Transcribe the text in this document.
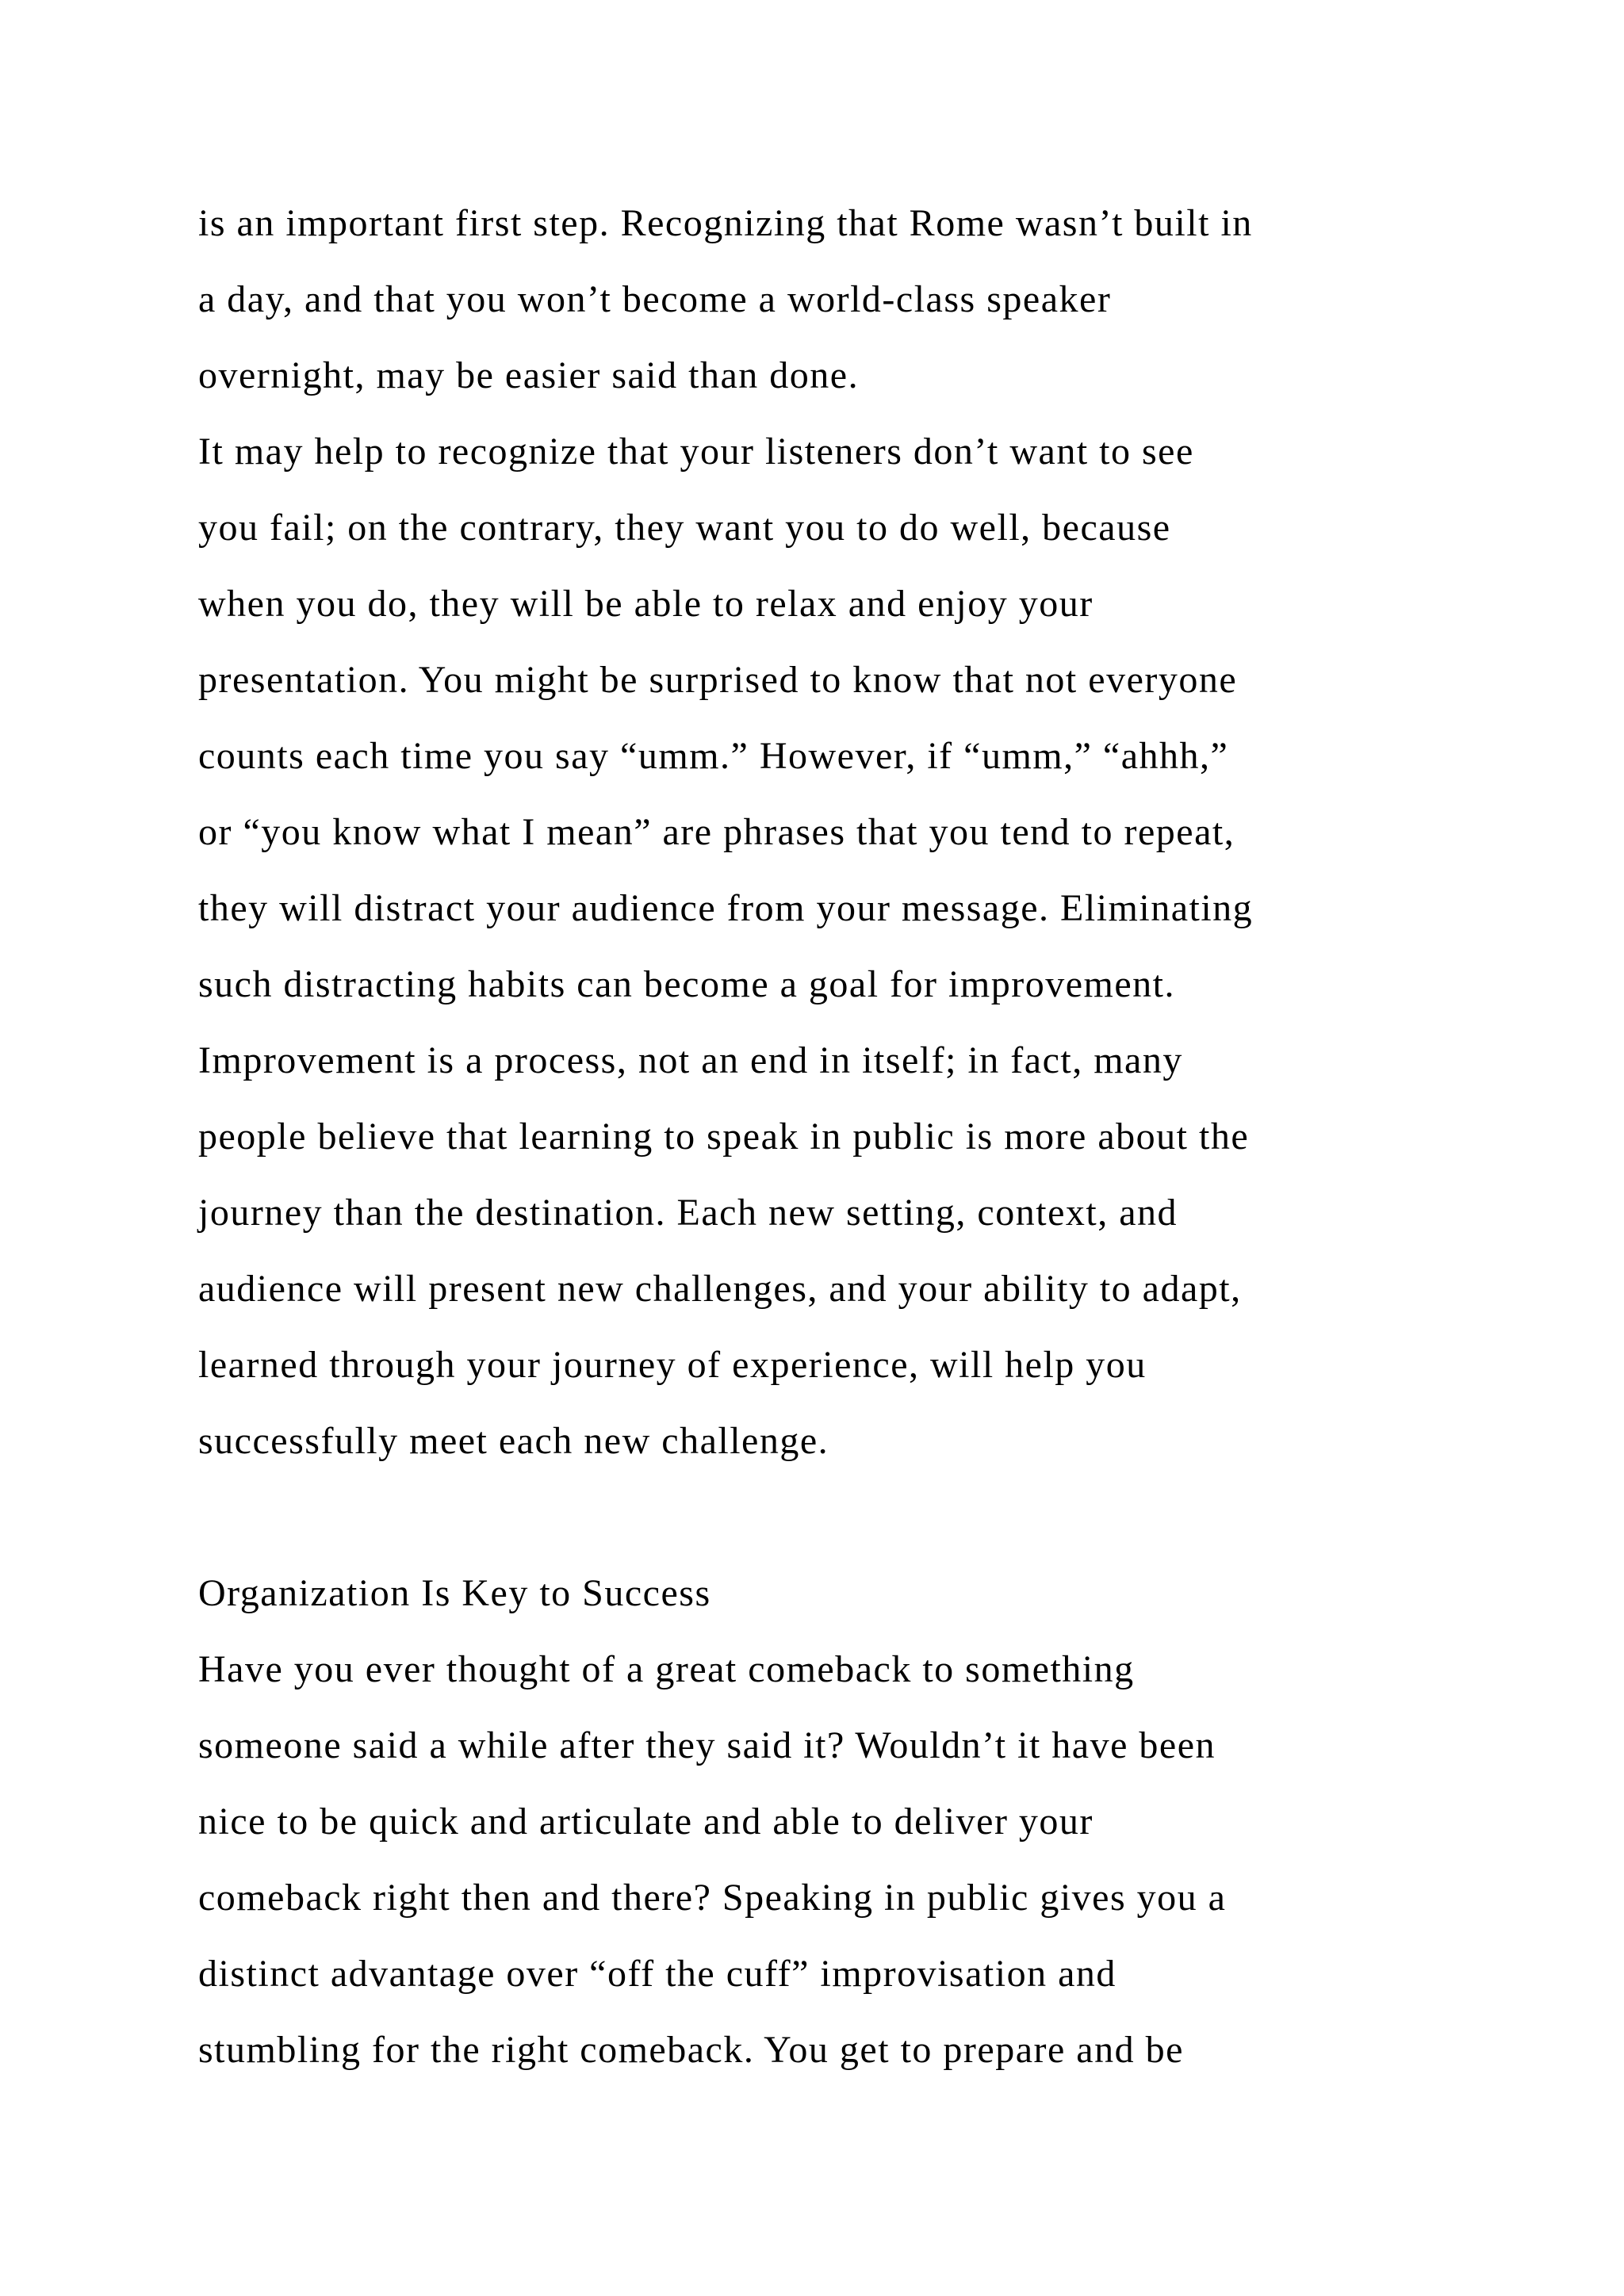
is an important first step. Recognizing that Rome wasn’t built in
a day, and that you won’t become a world-class speaker
overnight, may be easier said than done.
It may help to recognize that your listeners don’t want to see
you fail; on the contrary, they want you to do well, because
when you do, they will be able to relax and enjoy your
presentation. You might be surprised to know that not everyone
counts each time you say “umm.” However, if “umm,” “ahhh,”
or “you know what I mean” are phrases that you tend to repeat,
they will distract your audience from your message. Eliminating
such distracting habits can become a goal for improvement.
Improvement is a process, not an end in itself; in fact, many
people believe that learning to speak in public is more about the
journey than the destination. Each new setting, context, and
audience will present new challenges, and your ability to adapt,
learned through your journey of experience, will help you
successfully meet each new challenge.
Organization Is Key to Success
Have you ever thought of a great comeback to something
someone said a while after they said it? Wouldn’t it have been
nice to be quick and articulate and able to deliver your
comeback right then and there? Speaking in public gives you a
distinct advantage over “off the cuff” improvisation and
stumbling for the right comeback. You get to prepare and be
